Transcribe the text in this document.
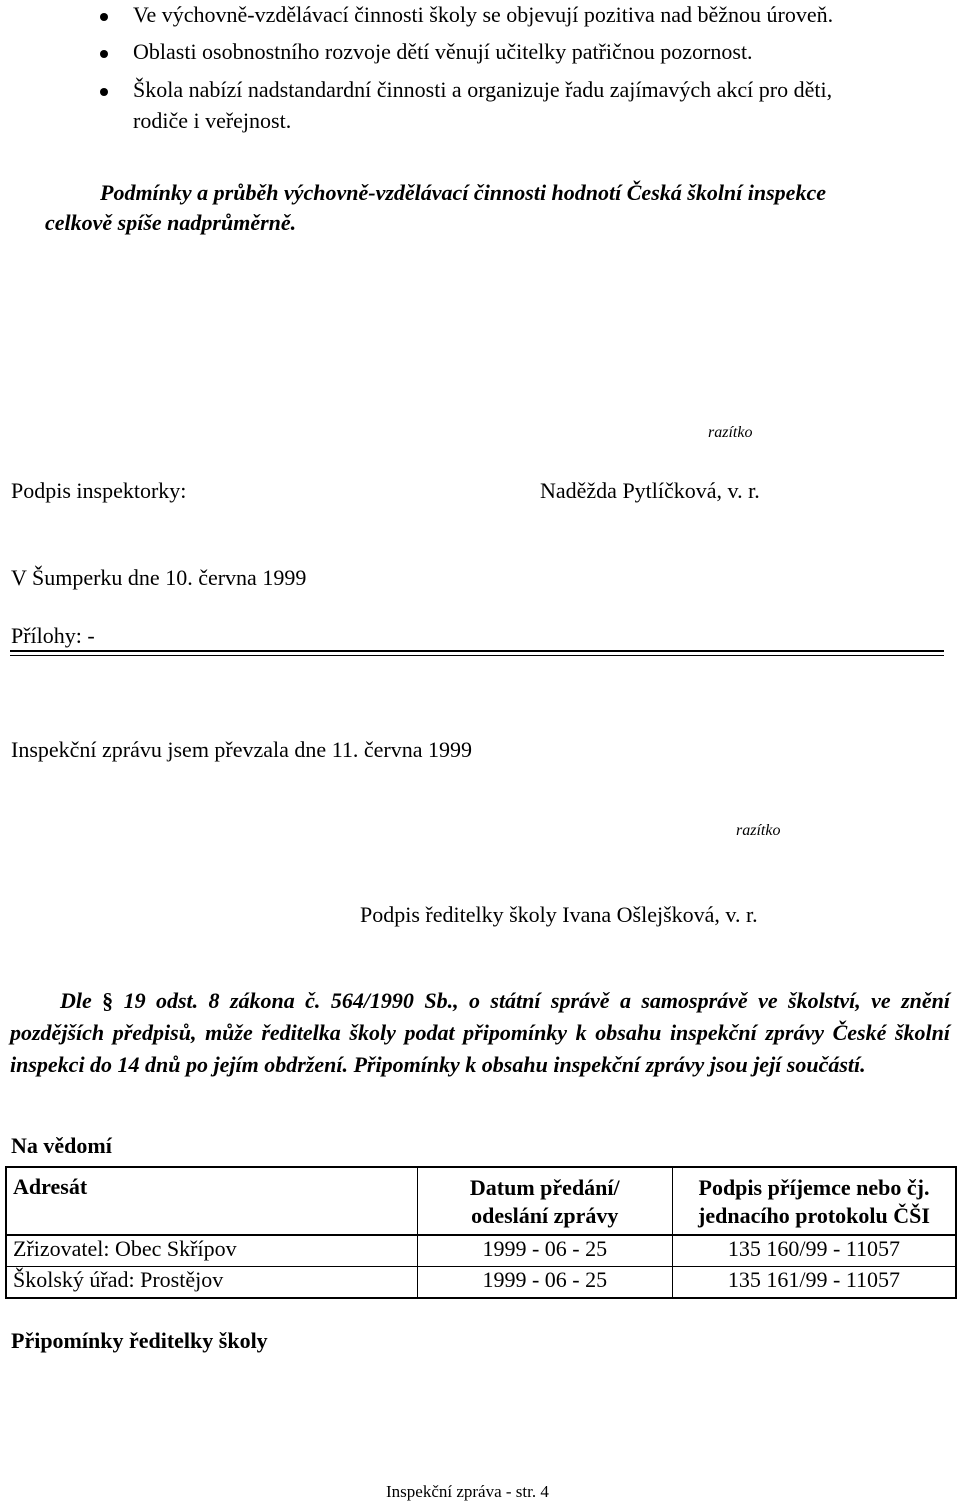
Ve výchovně-vzdělávací činnosti školy se objevují pozitiva nad běžnou úroveň.
Oblasti osobnostního rozvoje dětí věnují učitelky patřičnou pozornost.
Škola nabízí nadstandardní činnosti a organizuje řadu zajímavých akcí pro děti,
rodiče i veřejnost.
Podmínky a průběh výchovně-vzdělávací činnosti hodnotí Česká školní inspekce
celkově spíše nadprůměrně.
razítko
Podpis inspektorky:	Naděžda Pytlíčková, v. r.
V Šumperku dne 10. června 1999
Přílohy: -
Inspekční zprávu jsem převzala dne 11. června 1999
razítko
Podpis ředitelky školy Ivana Ošlejšková, v. r.
Dle § 19 odst. 8 zákona č. 564/1990 Sb., o státní správě a samosprávě ve školství, ve znění pozdějších předpisů, může ředitelka školy podat připomínky k obsahu inspekční zprávy České školní inspekci do 14 dnů po jejím obdržení. Připomínky k obsahu inspekční zprávy jsou její součástí.
Na vědomí
Adresát	Datum předání/ odeslání zprávy	Podpis příjemce nebo čj. jednacího protokolu ČŠI
Zřizovatel: Obec Skřípov	1999 - 06 - 25	135 160/99 - 11057
Školský úřad: Prostějov	1999 - 06 - 25	135 161/99 - 11057
Připomínky ředitelky školy
Inspekční zpráva - str. 4
